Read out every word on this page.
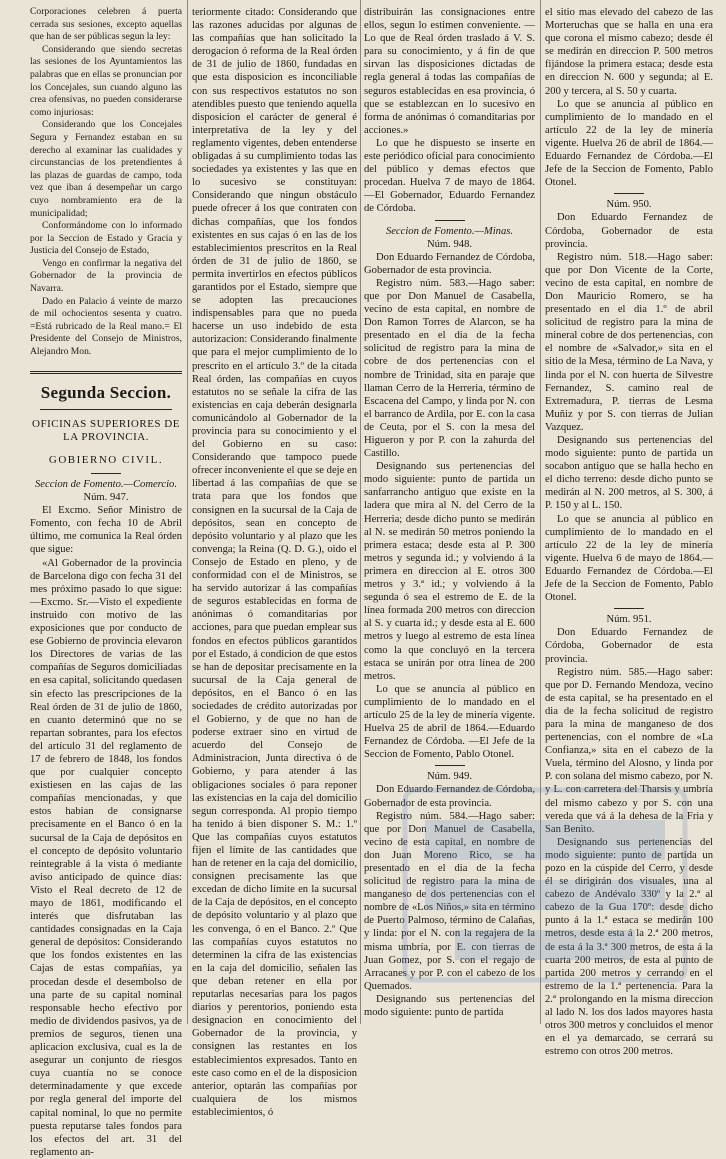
Corporaciones celebren á puerta cerrada sus sesiones, excepto aquellas que han de ser públicas segun la ley:

Considerando que siendo secretas las sesiones de los Ayuntamientos las palabras que en ellas se pronuncian por los Concejales, sun cuando alguno las crea ofensivas, no pueden considerarse como injuriosas:

Considerando que los Concejales Segura y Fernandez estaban en su derecho al examinar las cualidades y circunstancias de los pretendientes á las plazas de guardas de campo, toda vez que iban á desempeñar un cargo cuyo nombramiento era de la municipalidad;

Conformándome con lo informado por la Seccion de Estado y Gracia y Justicia del Consejo de Estado,

Vengo en confirmar la negativa del Gobernador de la provincia de Navarra.

Dado en Palacio á veinte de marzo de mil ochocientos sesenta y cuatro. =Está rubricado de la Real mano.= El Presidente del Consejo de Ministros, Alejandro Mon.

Segunda Seccion.
OFICINAS SUPERIORES DE LA PROVINCIA.
GOBIERNO CIVIL.

Seccion de Fomento.—Comercio.

Núm. 947.

El Excmo. Señor Ministro de Fomento, con fecha 10 de Abril último, me comunica la Real órden que sigue:

«Al Gobernador de la provincia de Barcelona digo con fecha 31 del mes próximo pasado lo que sigue:—Excmo. Sr.—Visto el expediente instruido con motivo de las exposiciones que por conducto de ese Gobierno de provincia elevaron los Directores de varias de las compañías de Seguros domiciliadas en esa capital, solicitando quedasen sin efecto las prescripciones de la Real órden de 31 de julio de 1860, en cuanto determinó que no se repartan sobrantes, para los efectos del artículo 31 del reglamento de 17 de febrero de 1848, los fondos que por cualquier concepto existiesen en las cajas de las compañías mencionadas, y que estos habian de consignarse precisamente en el Banco ó en la sucursal de la Caja de depósitos en el concepto de depósito voluntario reintegrable á la vista ó mediante aviso anticipado de quince días: Visto el Real decreto de 12 de mayo de 1861, modificando el interés que disfrutaban las cantidades consignadas en la Caja general de depósitos: Considerando que los fondos existentes en las Cajas de estas compañías, ya procedan desde el desembolso de una parte de su capital nominal responsable hecho efectivo por medio de dividendos pasivos, ya de premios de seguros, tienen una aplicacion exclusiva, cual es la de asegurar un conjunto de riesgos cuya cuantía no se conoce determinadamente y que excede por regla general del importe del capital nominal, lo que no permite puesta reputarse tales fondos para los efectos del art. 31 del reglamento an-

teriormente citado: Considerando que las razones aducidas por algunas de las compañías que han solicitado la derogacion ó reforma de la Real órden de 31 de julio de 1860, fundadas en que esta disposicion es inconciliable con sus respectivos estatutos no son atendibles puesto que teniendo aquella disposicion el carácter de general é interpretativa de la ley y del reglamento vigentes, deben entenderse obligadas á su cumplimiento todas las sociedades ya existentes y las que en lo sucesivo se constituyan: Considerando que ningun obstáculo puede ofrecer á los que contraten con dichas compañías, que los fondos existentes en sus cajas ó en las de los establecimientos prescritos en la Real órden de 31 de julio de 1860, se permita invertirlos en efectos públicos garantidos por el Estado, siempre que se adopten las precauciones indispensables para que no pueda hacerse un uso indebido de esta autorizacion: Considerando finalmente que para el mejor cumplimiento de lo prescrito en el artículo 3.º de la citada Real órden, las compañías en cuyos estatutos no se señale la cifra de las existencias en caja deberán designarla comunicándolo al Gobernador de la provincia para su conocimiento y el del Gobierno en su caso: Considerando que tampoco puede ofrecer inconveniente el que se deje en libertad á las compañías de que se trata para que los fondos que consignen en la sucursal de la Caja de depósitos, sean en concepto de depósito voluntario y al plazo que les convenga; la Reina (Q. D. G.), oido el Consejo de Estado en pleno, y de conformidad con el de Ministros, se ha servido autorizar á las compañías de seguros establecidas en forma de anónimas ó comanditarias por acciones, para que puedan emplear sus fondos en efectos públicos garantidos por el Estado, á condicion de que estos se han de depositar precisamente en la sucursal de la Caja general de depósitos, en el Banco ó en las sociedades de crédito autorizadas por el Gobierno, y de que no han de poderse extraer sino en virtud de acuerdo del Consejo de Administracion, Junta directiva ó de Gobierno, y para atender á las obligaciones sociales ó para reponer las existencias en la caja del domicilio segun corresponda. Al propio tiempo ha tenido á bien disponer S. M.: 1.º Que las compañías cuyos estatutos fijen el límite de las cantidades que han de retener en la caja del domicilio, consignen precisamente las que excedan de dicho límite en la sucursal de la Caja de depósitos, en el concepto de depósito voluntario y al plazo que les convenga, ó en el Banco. 2.º Que las compañías cuyos estatutos no determinen la cifra de las existencias en la caja del domicilio, señalen las que deban retener en ella por reputarlas necesarias para los pagos diarios y perentorios, poniendo esta designacion en conocimiento del Gobernador de la provincia, y consignen las restantes en los establecimientos expresados. Tanto en este caso como en el de la disposicion anterior, optarán las compañías por cualquiera de los mismos establecimientos, ó

distribuirán las consignaciones entre ellos, segun lo estimen conveniente. —Lo que de Real órden traslado á V. S. para su conocimiento, y á fin de que sirvan las disposiciones dictadas de regla general á todas las compañías de seguros establecidas en esa provincia, ó que se establezcan en lo sucesivo en forma de anónimas ó comanditarias por acciones.»

Lo que he dispuesto se inserte en este periódico oficial para conocimiento del público y demas efectos que procedan. Huelva 7 de mayo de 1864.—El Gobernador, Eduardo Fernandez de Córdoba.

Seccion de Fomento.—Minas.

Núm. 948.

Don Eduardo Fernandez de Córdoba, Gobernador de esta provincia.

Registro núm. 583.—Hago saber: que por Don Manuel de Casabella, vecino de esta capital, en nombre de Don Ramon Torres de Alarcon, se ha presentado en el dia de la fecha solicitud de registro para la mina de cobre de dos pertenencias con el nombre de Trinidad, sita en paraje que llaman Cerro de la Herreria, término de Escacena del Campo, y linda por N. con el barranco de Ardila, por E. con la casa de Ceuta, por el S. con la mesa del Higueron y por P. con la zahurda del Castillo.

Designando sus pertenencias del modo siguiente: punto de partida un sanfarrancho antiguo que existe en la ladera que mira al N. del Cerro de la Herreria; desde dicho punto se medirán al N. se medirán 50 metros poniendo la primera estaca; desde esta al P. 300 metros y segunda id.; y volviendo á la primera en direccion al E. otros 300 metros y 3.ª id.; y volviendo á la segunda ó sea el estremo de E. de la línea formada 200 metros con direccion al S. y cuarta id.; y desde esta al E. 600 metros y luego al estremo de esta línea como la que concluyó en la tercera estaca se unirán por otra línea de 200 metros.

Lo que se anuncia al público en cumplimiento de lo mandado en el artículo 25 de la ley de minería vigente. Huelva 25 de abril de 1864.—Eduardo Fernandez de Córdoba. —El Jefe de la Seccion de Fomento, Pablo Otonel.

Núm. 949.

Don Eduardo Fernandez de Córdoba, Gobernador de esta provincia.

Registro núm. 584.—Hago saber: que por Don Manuel de Casabella, vecino de esta capital, en nombre de don Juan Moreno Rico, se ha presentado en el dia de la fecha solicitud de registro para la mina de manganeso de dos pertenencias con el nombre de «Los Niños,» sita en término de Puerto Palmoso, término de Calañas, y linda: por el N. con la regajera de la misma umbría, por E. con tierras de Juan Gomez, por S. con el regajo de Arracanes y por P. con el cabezo de los Quemados.

Designando sus pertenencias del modo siguiente: punto de partida

el sitio mas elevado del cabezo de las Morteruchas que se halla en una era que corona el mismo cabezo; desde él se medirán en direccion P. 500 metros fijándose la primera estaca; desde esta en direccion N. 600 y segunda; al E. 200 y tercera, al S. 50 y cuarta.

Lo que se anuncia al público en cumplimiento de lo mandado en el artículo 22 de la ley de minería vigente. Huelva 26 de abril de 1864.—Eduardo Fernandez de Córdoba.—El Jefe de la Seccion de Fomento, Pablo Otonel.

Núm. 950.

Don Eduardo Fernandez de Córdoba, Gobernador de esta provincia.

Registro núm. 518.—Hago saber: que por Don Vicente de la Corte, vecino de esta capital, en nombre de Don Mauricio Romero, se ha presentado en el dia 1.º de abril solicitud de registro para la mina de mineral cobre de dos pertenencias, con el nombre de «Salvador,» sita en el sitio de la Mesa, término de La Nava, y linda por el N. con huerta de Silvestre Fernandez, S. camino real de Extremadura, P. tierras de Lesma Muñiz y por S. con tierras de Julian Vazquez.

Designando sus pertenencias del modo siguiente: punto de partida un socabon antiguo que se halla hecho en el dicho terreno: desde dicho punto se medirán al N. 200 metros, al S. 300, á P. 150 y al L. 150.

Lo que se anuncia al público en cumplimiento de lo mandado en el artículo 22 de la ley de minería vigente. Huelva 6 de mayo de 1864.—Eduardo Fernandez de Córdoba.—El Jefe de la Seccion de Fomento, Pablo Otonel.

Núm. 951.

Don Eduardo Fernandez de Córdoba, Gobernador de esta provincia.

Registro núm. 585.—Hago saber: que por D. Fernando Mendoza, vecino de esta capital, se ha presentado en el dia de la fecha solicitud de registro para la mina de manganeso de dos pertenencias, con el nombre de «La Confianza,» sita en el cabezo de la Vuela, término del Alosno, y linda por P. con solana del mismo cabezo, por N. y L. con carretera del Tharsis y umbría del mismo cabezo y por S. con una vereda que vá á la dehesa de la Fria y San Benito.

Designando sus pertenencias del modo siguiente: punto de partida un pozo en la cúspide del Cerro, y desde él se dirigirán dos visuales, una al cabezo de Andévalo 330º y la 2.ª al cabezo de la Gua 170º: desde dicho punto á la 1.ª estaca se medirán 100 metros, desde esta á la 2.ª 200 metros, de esta á la 3.ª 300 metros, de esta á la cuarta 200 metros, de esta al punto de partida 200 metros y cerrando en el estremo de la 1.ª pertenencia. Para la 2.ª prolongando en la misma direccion al lado N. los dos lados mayores hasta otros 300 metros y concluidos el menor en el ya demarcado, se cerrará su estremo con otros 200 metros.
